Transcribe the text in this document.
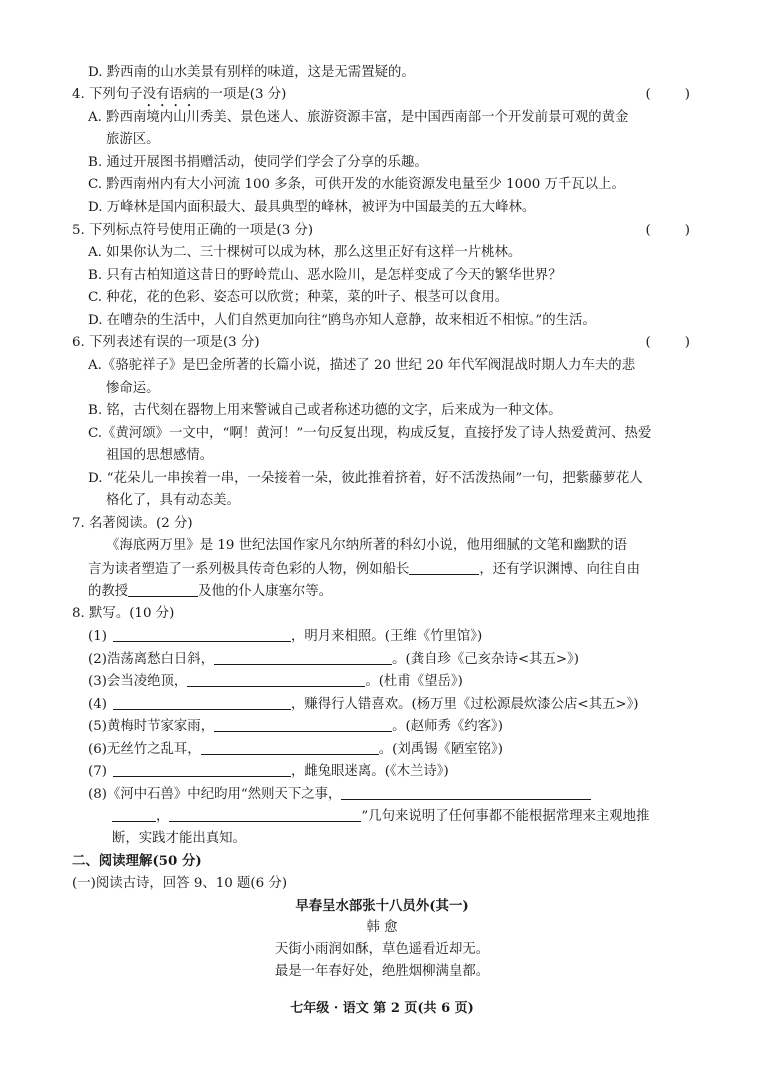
D. 黔西南的山水美景有别样的味道，这是无需置疑的。
4. 下列句子没有语病的一项是(3 分)	(        )
A. 黔西南境内山川秀美、景色迷人、旅游资源丰富，是中国西南部一个开发前景可观的黄金
旅游区。
B. 通过开展图书捐赠活动，使同学们学会了分享的乐趣。
C. 黔西南州内有大小河流 100 多条，可供开发的水能资源发电量至少 1000 万千瓦以上。
D. 万峰林是国内面积最大、最具典型的峰林，被评为中国最美的五大峰林。
5. 下列标点符号使用正确的一项是(3 分)	(        )
A. 如果你认为二、三十棵树可以成为林，那么这里正好有这样一片桃林。
B. 只有古柏知道这昔日的野岭荒山、恶水险川，是怎样变成了今天的繁华世界？
C. 种花，花的色彩、姿态可以欣赏；种菜，菜的叶子、根茎可以食用。
D. 在嘈杂的生活中，人们自然更加向往“鸥鸟亦知人意静，故来相近不相惊。”的生活。
6. 下列表述有误的一项是(3 分)	(        )
A.《骆驼祥子》是巴金所著的长篇小说，描述了 20 世纪 20 年代军阀混战时期人力车夫的悲
惨命运。
B. 铭，古代刻在器物上用来警诫自己或者称述功德的文字，后来成为一种文体。
C.《黄河颂》一文中，“啊！黄河！”一句反复出现，构成反复，直接抒发了诗人热爱黄河、热爱
祖国的思想感情。
D. “花朵儿一串挨着一串，一朵接着一朵，彼此推着挤着，好不活泼热闹”一句，把紫藤萝花人
格化了，具有动态美。
7. 名著阅读。(2 分)
《海底两万里》是 19 世纪法国作家凡尔纳所著的科幻小说，他用细腻的文笔和幽默的语
言为读者塑造了一系列极具传奇色彩的人物，例如船长	，还有学识渊博、向往自由
的教授	及他的仆人康塞尔等。
8. 默写。(10 分)
(1)	，明月来相照。(王维《竹里馆》)
(2)浩荡离愁白日斜，	。(龚自珍《己亥杂诗<其五>》)
(3)会当凌绝顶，	。(杜甫《望岳》)
(4)	，赚得行人错喜欢。(杨万里《过松源晨炊漆公店<其五>》)
(5)黄梅时节家家雨，	。(赵师秀《约客》)
(6)无丝竹之乱耳，	。(刘禹锡《陋室铭》)
(7)	，雌兔眼迷离。(《木兰诗》)
(8)《河中石兽》中纪昀用“然则天下之事，
，	”几句来说明了任何事都不能根据常理来主观地推
断，实践才能出真知。
二、阅读理解(50 分)
(一)阅读古诗，回答 9、10 题(6 分)
早春呈水部张十八员外(其一)
韩 愈
天街小雨润如酥，草色遥看近却无。
最是一年春好处，绝胜烟柳满皇都。
七年级 · 语文 第 2 页(共 6 页)
